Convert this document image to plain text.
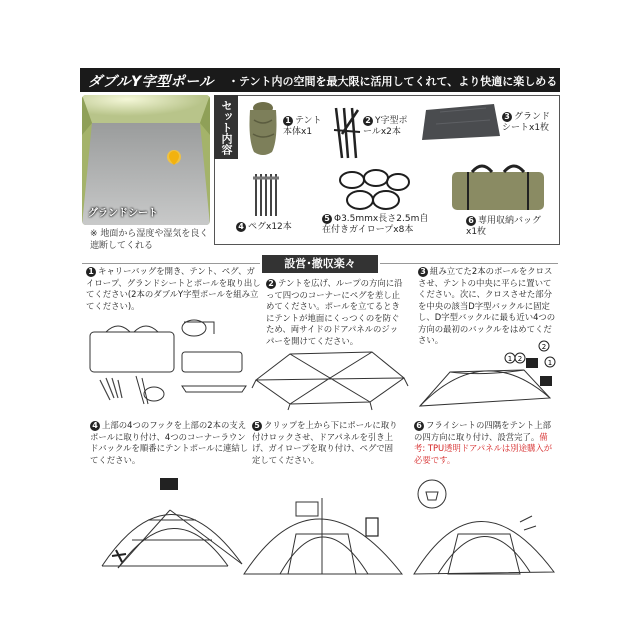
ダブルY字型ポール ・テント内の空間を最大限に活用してくれて、より快適に楽しめる
グランドシート
※ 地面から湿度や湿気を良く遮断してくれる
セット内容	1 テント本体x1
2 Y字型ポールx2本
3 グランドシートx1枚
4 ペグx12本
5 Φ3.5mmx長さ2.5m自在付きガイロープx8本
6 専用収納バッグx1枚
設営･撤収楽々
1 キャリーバッグを開き、テント、ペグ、ガイロープ、グランドシートとポールを取り出してください(2本のダブルY字型ポールを組み立てください)。
2 テントを広げ、ループの方向に沿って四つのコーナーにペグを差し止めてください。ポールを立てるときにテントが地面にくっつくのを防ぐため、両サイドのドアパネルのジッパーを開けてください。
3 組み立てた2本のポールをクロスさせ、テントの中央に平らに置いてください。次に、クロスさせた部分を中央の該当D字型バックルに固定し、D字型バックルに最も近い4つの方向の最初のバックルをはめてください。
1 2
2
1
4 上部の4つのフックを上部の2本の支えポールに取り付け、4つのコーナーラウンドバックルを順番にテントポールに連結してください。
5 クリップを上から下にポールに取り付けロックさせ、ドアパネルを引き上げ、ガイロープを取り付け、ペグで固定してください。
6 フライシートの四隅をテント上部の四方向に取り付け、設営完了。備考: TPU透明ドアパネルは別途購入が必要です。
